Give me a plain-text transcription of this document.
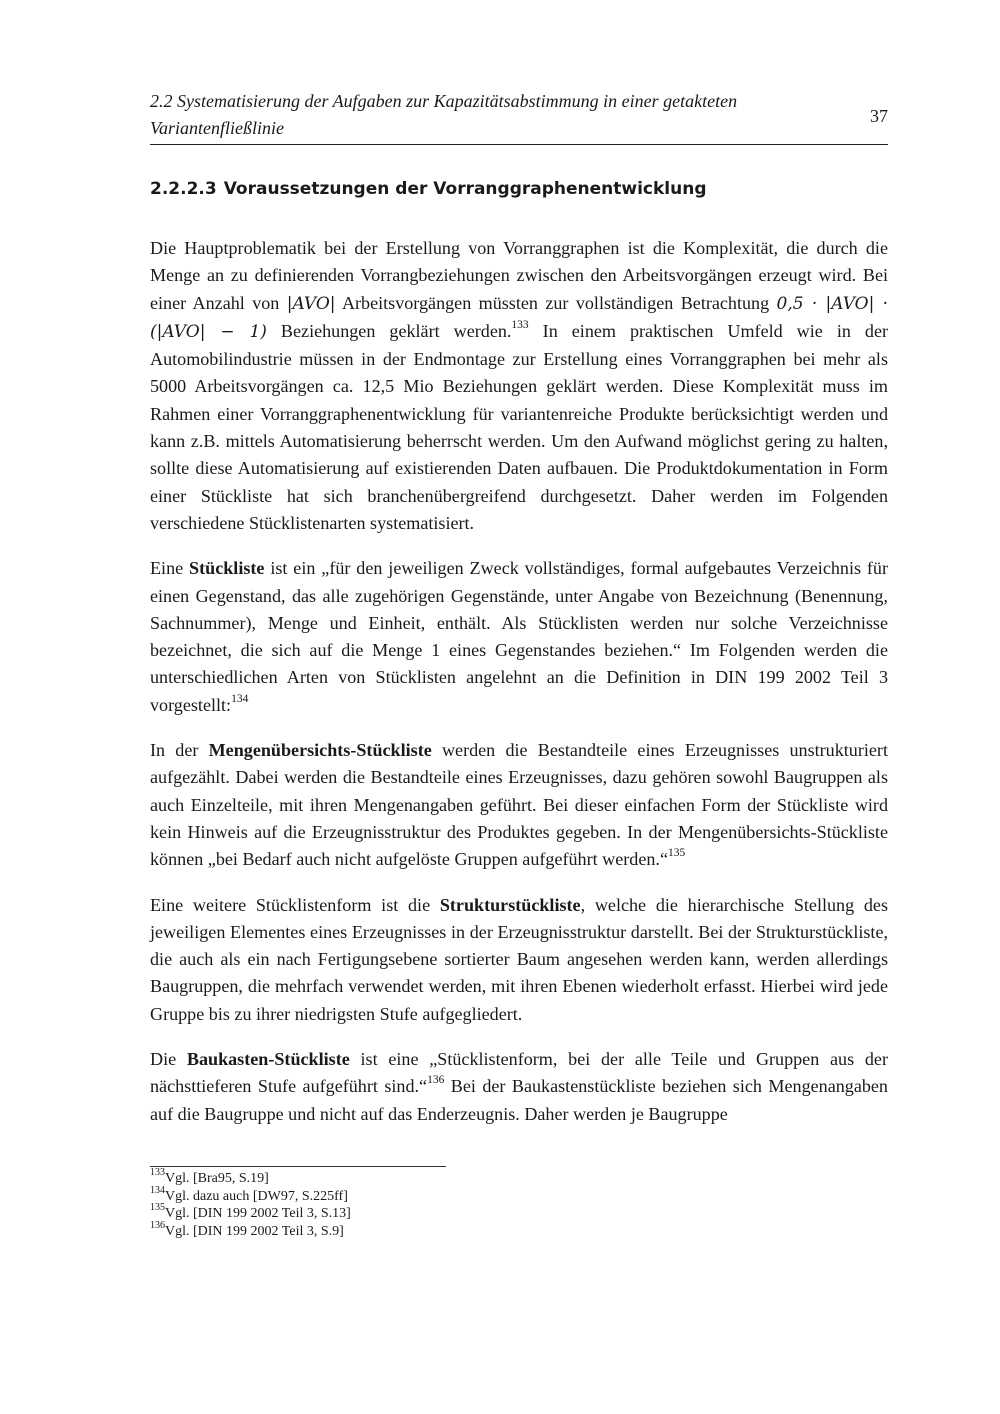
2.2 Systematisierung der Aufgaben zur Kapazitätsabstimmung in einer getakteten Variantenfließlinie
37
2.2.2.3 Voraussetzungen der Vorranggraphenentwicklung

Die Hauptproblematik bei der Erstellung von Vorranggraphen ist die Komplexität, die durch die Menge an zu definierenden Vorrangbeziehungen zwischen den Arbeitsvorgängen erzeugt wird. Bei einer Anzahl von |AVO| Arbeitsvorgängen müssten zur vollständigen Betrachtung 0,5 · |AVO| · (|AVO| − 1) Beziehungen geklärt werden.$^{133}$ In einem praktischen Umfeld wie in der Automobilindustrie müssen in der Endmontage zur Erstellung eines Vorranggraphen bei mehr als 5000 Arbeitsvorgängen ca. 12,5 Mio Beziehungen geklärt werden. Diese Komplexität muss im Rahmen einer Vorranggraphenentwicklung für variantenreiche Produkte berücksichtigt werden und kann z.B. mittels Automatisierung beherrscht werden. Um den Aufwand möglichst gering zu halten, sollte diese Automatisierung auf existierenden Daten aufbauen. Die Produktdokumentation in Form einer Stückliste hat sich branchenübergreifend durchgesetzt. Daher werden im Folgenden verschiedene Stücklistenarten systematisiert.

Eine Stückliste ist ein „für den jeweiligen Zweck vollständiges, formal aufgebautes Verzeichnis für einen Gegenstand, das alle zugehörigen Gegenstände, unter Angabe von Bezeichnung (Benennung, Sachnummer), Menge und Einheit, enthält. Als Stücklisten werden nur solche Verzeichnisse bezeichnet, die sich auf die Menge 1 eines Gegenstandes beziehen.“ Im Folgenden werden die unterschiedlichen Arten von Stücklisten angelehnt an die Definition in DIN 199 2002 Teil 3 vorgestellt:$^{134}$

In der Mengenübersichts-Stückliste werden die Bestandteile eines Erzeugnisses unstrukturiert aufgezählt. Dabei werden die Bestandteile eines Erzeugnisses, dazu gehören sowohl Baugruppen als auch Einzelteile, mit ihren Mengenangaben geführt. Bei dieser einfachen Form der Stückliste wird kein Hinweis auf die Erzeugnisstruktur des Produktes gegeben. In der Mengenübersichts-Stückliste können „bei Bedarf auch nicht aufgelöste Gruppen aufgeführt werden.“$^{135}$

Eine weitere Stücklistenform ist die Strukturstückliste, welche die hierarchische Stellung des jeweiligen Elementes eines Erzeugnisses in der Erzeugnisstruktur darstellt. Bei der Strukturstückliste, die auch als ein nach Fertigungsebene sortierter Baum angesehen werden kann, werden allerdings Baugruppen, die mehrfach verwendet werden, mit ihren Ebenen wiederholt erfasst. Hierbei wird jede Gruppe bis zu ihrer niedrigsten Stufe aufgegliedert.

Die Baukasten-Stückliste ist eine „Stücklistenform, bei der alle Teile und Gruppen aus der nächsttieferen Stufe aufgeführt sind.“$^{136}$ Bei der Baukastenstückliste beziehen sich Mengenangaben auf die Baugruppe und nicht auf das Enderzeugnis. Daher werden je Baugruppe

$^{133}$Vgl. [Bra95, S.19]
$^{134}$Vgl. dazu auch [DW97, S.225ff]
$^{135}$Vgl. [DIN 199 2002 Teil 3, S.13]
$^{136}$Vgl. [DIN 199 2002 Teil 3, S.9]
